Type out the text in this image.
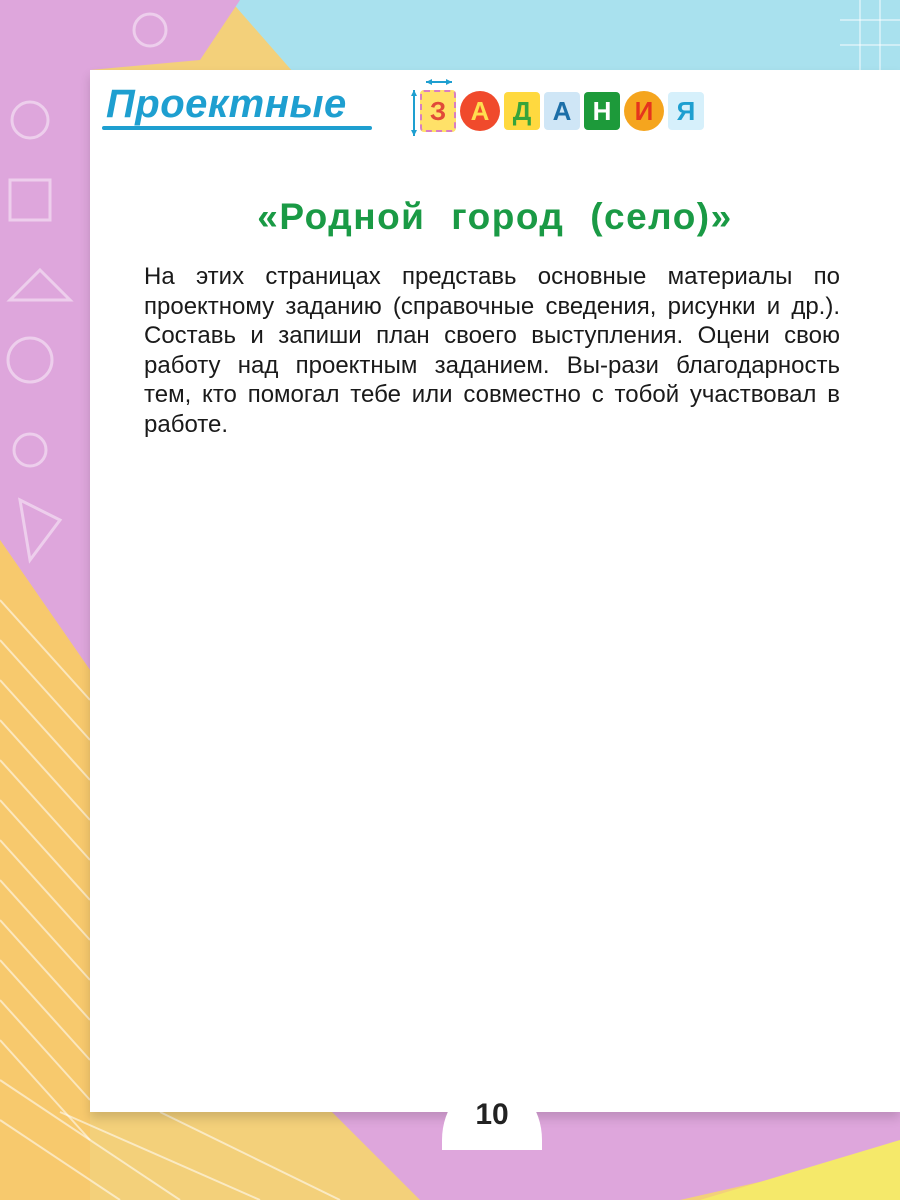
Проектные	З А Д А Н И Я
«Родной город (село)»
На этих страницах представь основные материалы по проектному заданию (справочные сведения, рисунки и др.). Составь и запиши план своего выступления. Оцени свою работу над проектным заданием. Вы-рази благодарность тем, кто помогал тебе или совместно с тобой участвовал в работе.
10
